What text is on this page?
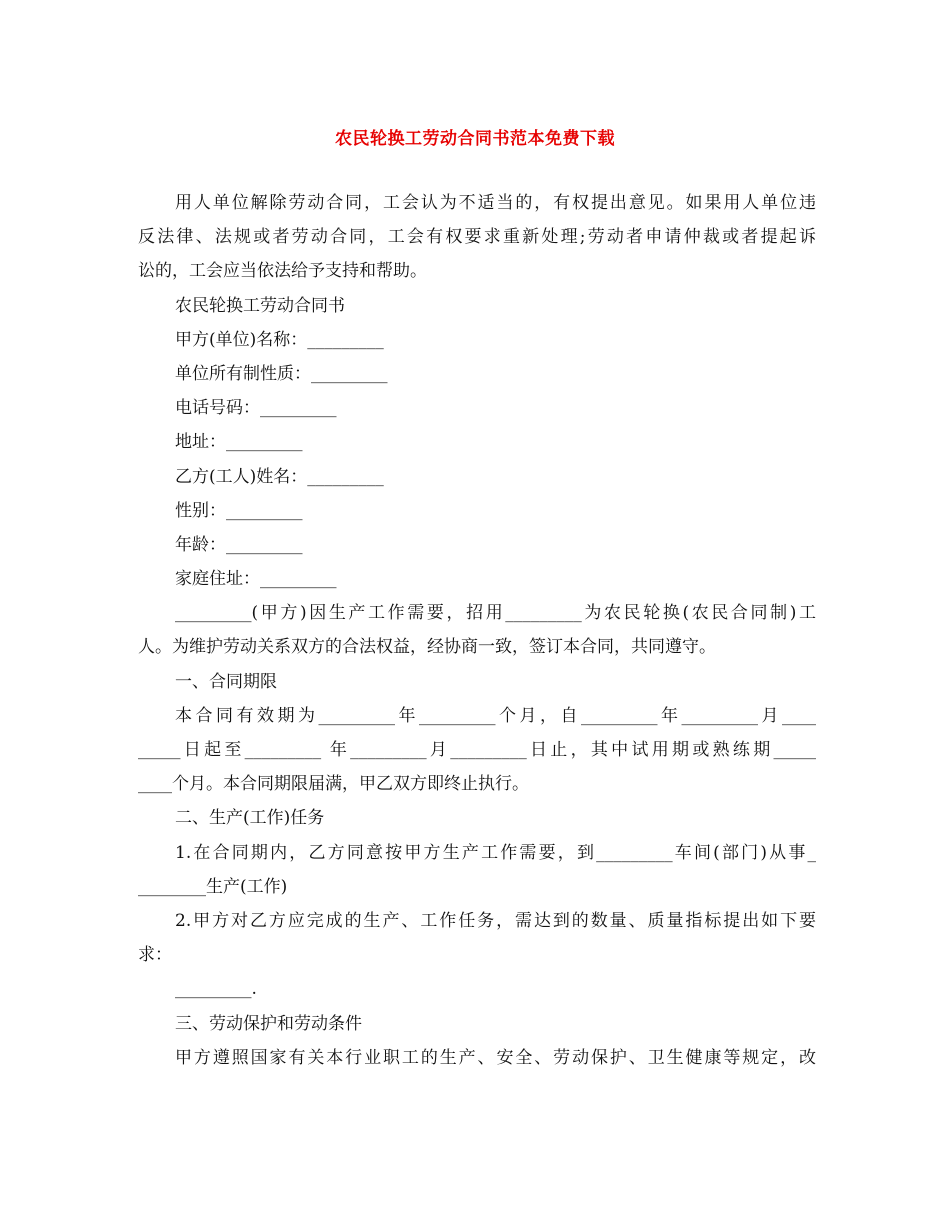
农民轮换工劳动合同书范本免费下载
用人单位解除劳动合同，工会认为不适当的，有权提出意见。如果用人单位违
反法律、法规或者劳动合同，工会有权要求重新处理;劳动者申请仲裁或者提起诉
讼的，工会应当依法给予支持和帮助。
农民轮换工劳动合同书
甲方(单位)名称：_________
单位所有制性质：_________
电话号码：_________
地址：_________
乙方(工人)姓名：_________
性别：_________
年龄：_________
家庭住址：_________
_________(甲方)因生产工作需要，招用_________为农民轮换(农民合同制)工
人。为维护劳动关系双方的合法权益，经协商一致，签订本合同，共同遵守。
一、合同期限
本合同有效期为_________年_________个月，自_________年_________月____
_____日起至_________ 年_________月_________日止，其中试用期或熟练期_____
____个月。本合同期限届满，甲乙双方即终止执行。
二、生产(工作)任务
1.在合同期内，乙方同意按甲方生产工作需要，到_________车间(部门)从事_
________生产(工作)
2.甲方对乙方应完成的生产、工作任务，需达到的数量、质量指标提出如下要
求：
_________.
三、劳动保护和劳动条件
甲方遵照国家有关本行业职工的生产、安全、劳动保护、卫生健康等规定，改
